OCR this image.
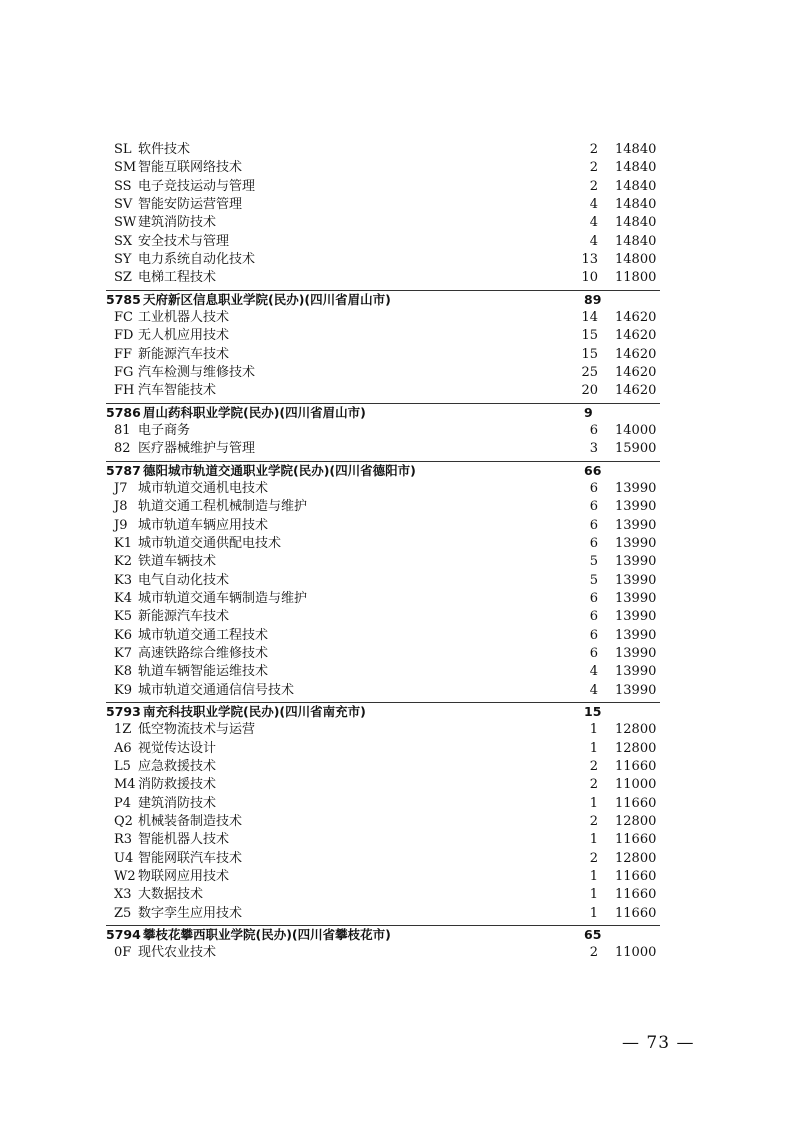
SL 软件技术	2 14840
SM 智能互联网络技术	2 14840
SS 电子竞技运动与管理	2 14840
SV 智能安防运营管理	4 14840
SW 建筑消防技术	4 14840
SX 安全技术与管理	4 14840
SY 电力系统自动化技术	13 14800
SZ 电梯工程技术	10 11800
5785 天府新区信息职业学院(民办)(四川省眉山市)	89
FC 工业机器人技术	14 14620
FD 无人机应用技术	15 14620
FF 新能源汽车技术	15 14620
FG 汽车检测与维修技术	25 14620
FH 汽车智能技术	20 14620
5786 眉山药科职业学院(民办)(四川省眉山市)	9
81 电子商务	6 14000
82 医疗器械维护与管理	3 15900
5787 德阳城市轨道交通职业学院(民办)(四川省德阳市)	66
J7 城市轨道交通机电技术	6 13990
J8 轨道交通工程机械制造与维护	6 13990
J9 城市轨道车辆应用技术	6 13990
K1 城市轨道交通供配电技术	6 13990
K2 铁道车辆技术	5 13990
K3 电气自动化技术	5 13990
K4 城市轨道交通车辆制造与维护	6 13990
K5 新能源汽车技术	6 13990
K6 城市轨道交通工程技术	6 13990
K7 高速铁路综合维修技术	6 13990
K8 轨道车辆智能运维技术	4 13990
K9 城市轨道交通通信信号技术	4 13990
5793 南充科技职业学院(民办)(四川省南充市)	15
1Z 低空物流技术与运营	1 12800
A6 视觉传达设计	1 12800
L5 应急救援技术	2 11660
M4 消防救援技术	2 11000
P4 建筑消防技术	1 11660
Q2 机械装备制造技术	2 12800
R3 智能机器人技术	1 11660
U4 智能网联汽车技术	2 12800
W2 物联网应用技术	1 11660
X3 大数据技术	1 11660
Z5 数字孪生应用技术	1 11660
5794 攀枝花攀西职业学院(民办)(四川省攀枝花市)	65
0F 现代农业技术	2 11000
— 73 —
